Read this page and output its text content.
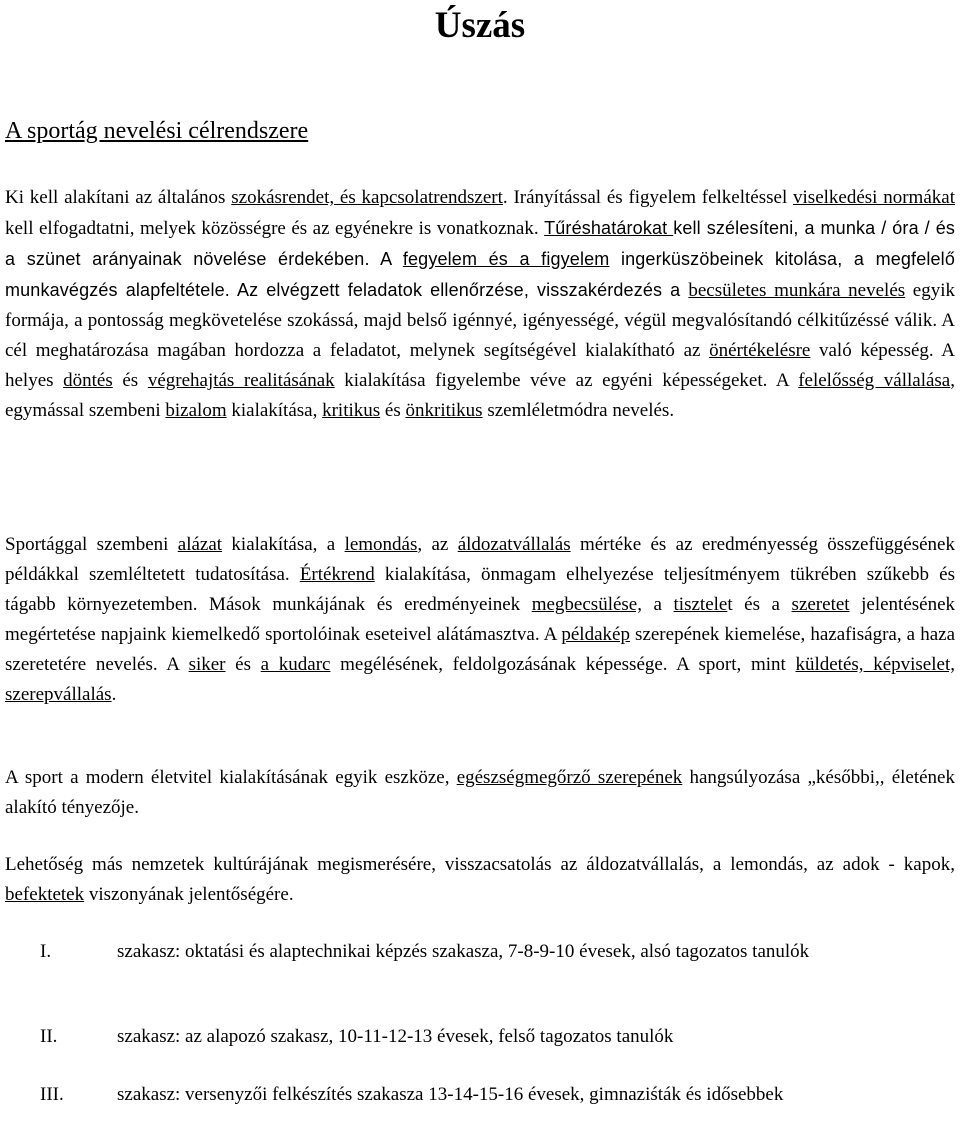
Úszás
A sportág nevelési célrendszere
Ki kell alakítani az általános szokásrendet, és kapcsolatrendszert. Irányítással és figyelem felkeltéssel viselkedési normákat kell elfogadtatni, melyek közösségre és az egyénekre is vonatkoznak. Tűréshatárokat kell szélesíteni, a munka / óra / és a szünet arányainak növelése érdekében. A fegyelem és a figyelem ingerküszöbeinek kitolása, a megfelelő munkavégzés alapfeltétele. Az elvégzett feladatok ellenőrzése, visszakérdezés a becsületes munkára nevelés egyik formája, a pontosság megkövetelése szokássá, majd belső igénnyé, igényességé, végül megvalósítandó célkitűzéssé válik. A cél meghatározása magában hordozza a feladatot, melynek segítségével kialakítható az önértékelésre való képesség. A helyes döntés és végrehajtás realitásának kialakítása figyelembe véve az egyéni képességeket. A felelősség vállalása, egymással szembeni bizalom kialakítása, kritikus és önkritikus szemléletmódra nevelés.
Sportággal szembeni alázat kialakítása, a lemondás, az áldozatvállalás mértéke és az eredményesség összefüggésének példákkal szemléltetett tudatosítása. Értékrend kialakítása, önmagam elhelyezése teljesítményem tükrében szűkebb és tágabb környezetemben. Mások munkájának és eredményeinek megbecsülése, a tisztelet és a szeretet jelentésének megértetése napjaink kiemelkedő sportolóinak eseteivel alátámasztva. A példakép szerepének kiemelése, hazafiságra, a haza szeretetére nevelés. A siker és a kudarc megélésének, feldolgozásának képessége. A sport, mint küldetés, képviselet, szerepvállalás.
A sport a modern életvitel kialakításának egyik eszköze, egészségmegőrző szerepének hangsúlyozása „későbbi,, életének alakító tényezője.
Lehetőség más nemzetek kultúrájának megismerésére, visszacsatolás az áldozatvállalás, a lemondás, az adok - kapok, befektetek viszonyának jelentőségére.
I.	szakasz: oktatási és alaptechnikai képzés szakasza, 7-8-9-10 évesek, alsó tagozatos tanulók
II.	szakasz: az alapozó szakasz, 10-11-12-13 évesek, felső tagozatos tanulók
III.	szakasz: versenyzői felkészítés szakasza 13-14-15-16 évesek, gimnaziśták és idősebbek
